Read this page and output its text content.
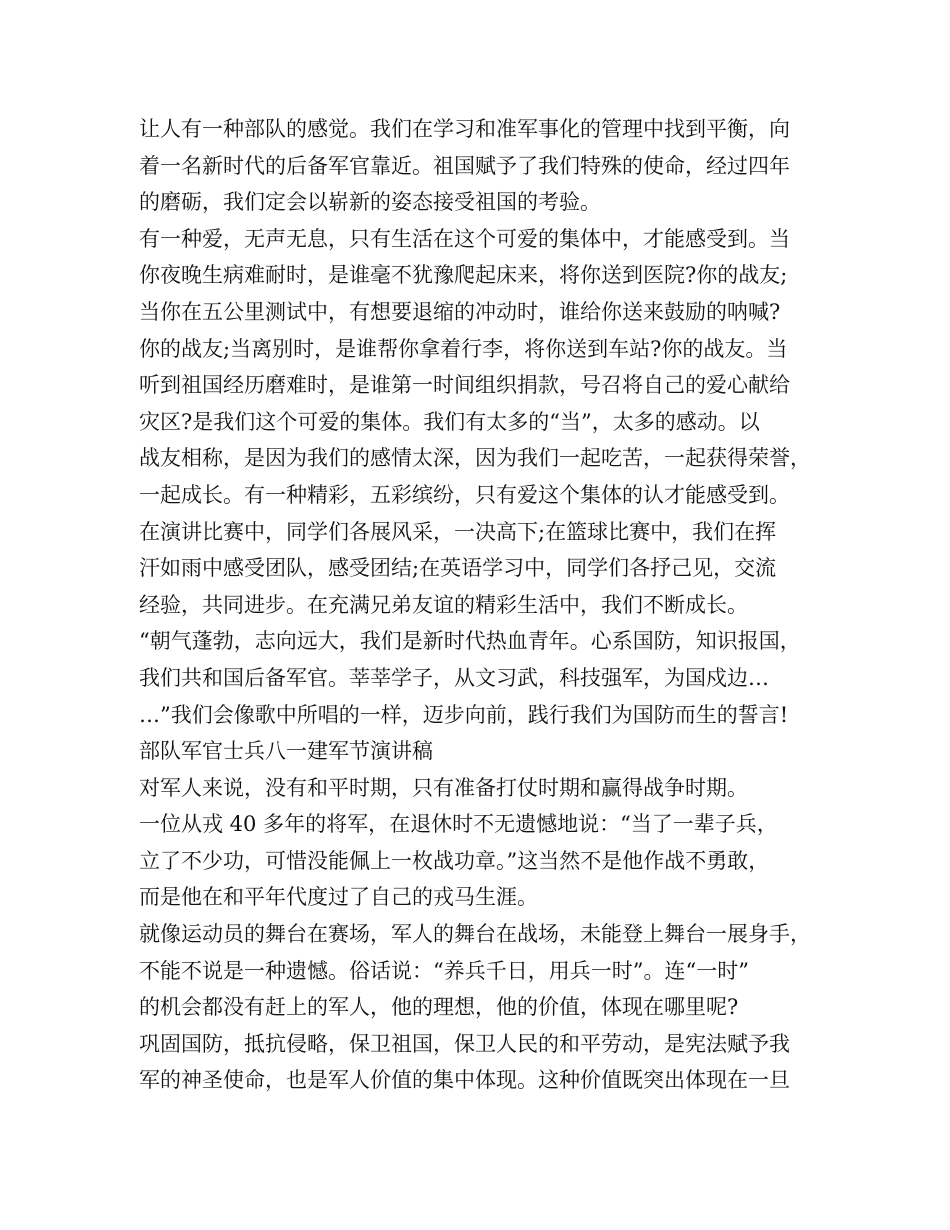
让人有一种部队的感觉。我们在学习和准军事化的管理中找到平衡，向
着一名新时代的后备军官靠近。祖国赋予了我们特殊的使命，经过四年
的磨砺，我们定会以崭新的姿态接受祖国的考验。
有一种爱，无声无息，只有生活在这个可爱的集体中，才能感受到。当
你夜晚生病难耐时，是谁毫不犹豫爬起床来，将你送到医院?你的战友;
当你在五公里测试中，有想要退缩的冲动时，谁给你送来鼓励的呐喊?
你的战友;当离别时，是谁帮你拿着行李，将你送到车站?你的战友。当
听到祖国经历磨难时，是谁第一时间组织捐款，号召将自己的爱心献给
灾区?是我们这个可爱的集体。我们有太多的“当”，太多的感动。以
战友相称，是因为我们的感情太深，因为我们一起吃苦，一起获得荣誉，
一起成长。有一种精彩，五彩缤纷，只有爱这个集体的认才能感受到。
在演讲比赛中，同学们各展风采，一决高下;在篮球比赛中，我们在挥
汗如雨中感受团队，感受团结;在英语学习中，同学们各抒己见，交流
经验，共同进步。在充满兄弟友谊的精彩生活中，我们不断成长。
“朝气蓬勃，志向远大，我们是新时代热血青年。心系国防，知识报国，
我们共和国后备军官。莘莘学子，从文习武，科技强军，为国戍边…
…”我们会像歌中所唱的一样，迈步向前，践行我们为国防而生的誓言!
部队军官士兵八一建军节演讲稿
对军人来说，没有和平时期，只有准备打仗时期和赢得战争时期。
一位从戎 40 多年的将军，在退休时不无遗憾地说：“当了一辈子兵，
立了不少功，可惜没能佩上一枚战功章。”这当然不是他作战不勇敢，
而是他在和平年代度过了自己的戎马生涯。
就像运动员的舞台在赛场，军人的舞台在战场，未能登上舞台一展身手，
不能不说是一种遗憾。俗话说：“养兵千日，用兵一时”。连“一时”
的机会都没有赶上的军人，他的理想，他的价值，体现在哪里呢?
巩固国防，抵抗侵略，保卫祖国，保卫人民的和平劳动，是宪法赋予我
军的神圣使命，也是军人价值的集中体现。这种价值既突出体现在一旦
